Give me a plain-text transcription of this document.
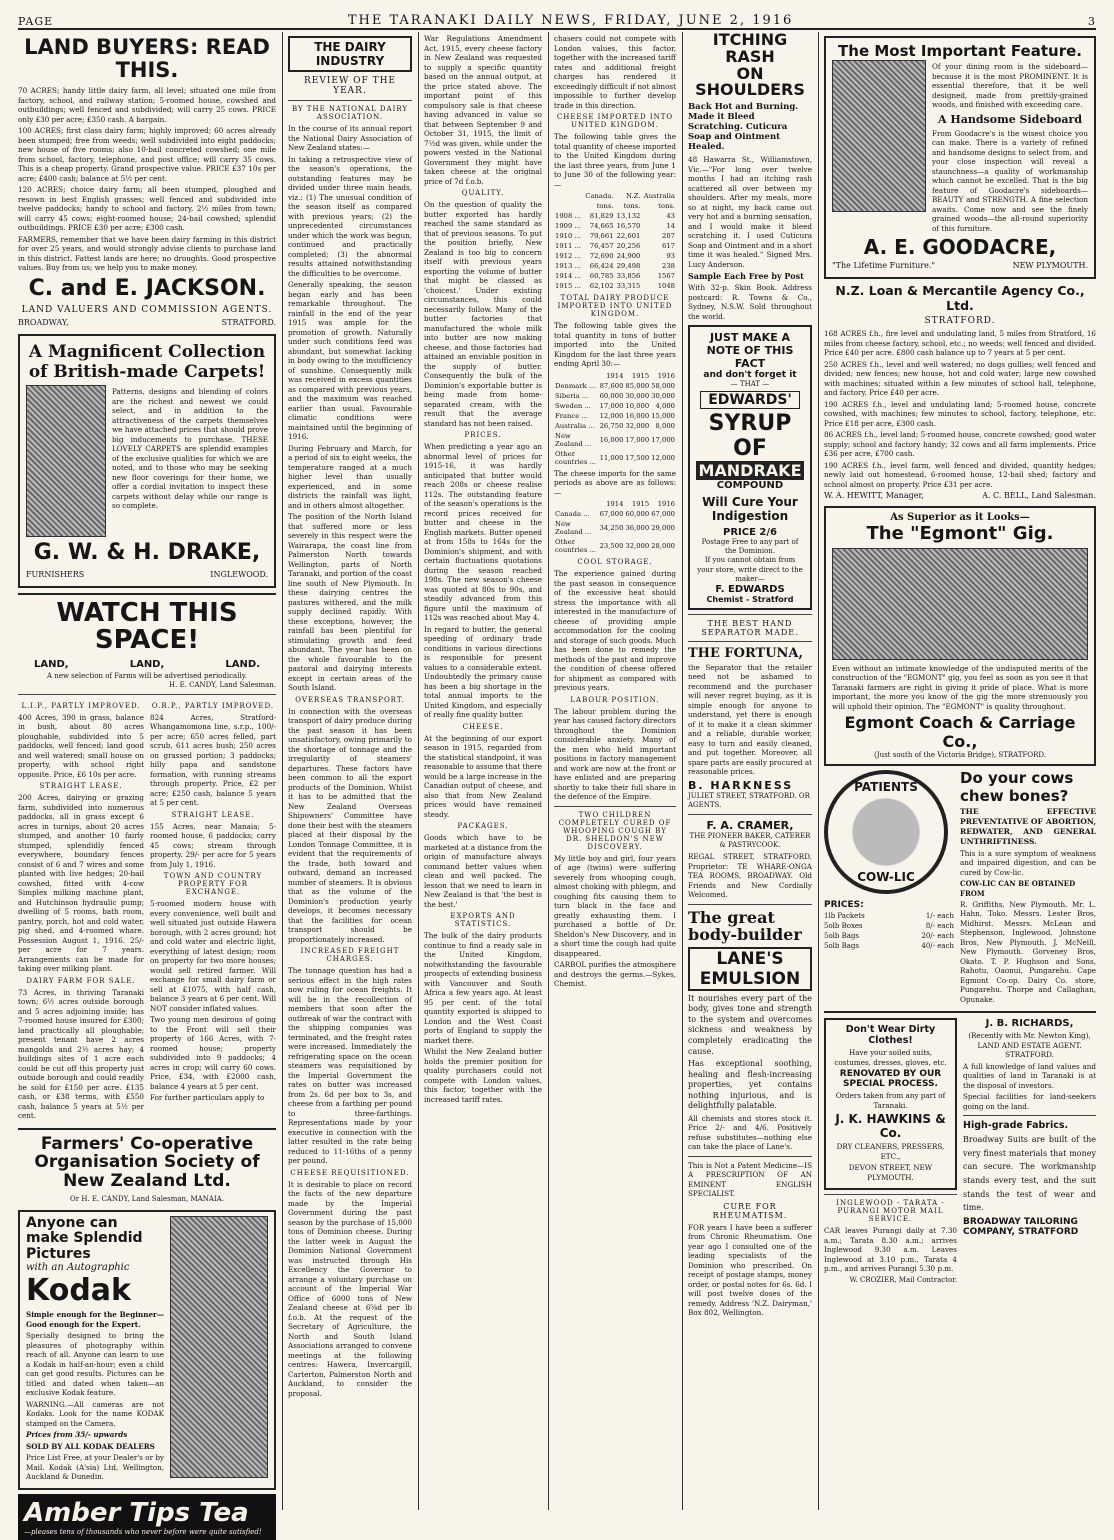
PAGE	THE TARANAKI DAILY NEWS, FRIDAY, JUNE 2, 1916	3
LAND BUYERS: READ THIS.

70 ACRES; handy little dairy farm, all level; situated one mile from factory, school, and railway station; 5-roomed house, cowshed and outbuildings; well fenced and subdivided; will carry 25 cows. PRICE only £30 per acre; £350 cash. A bargain.

100 ACRES; first class dairy farm; highly improved; 60 acres already been stumped; free from weeds; well subdivided into eight paddocks; new house of five rooms; also 10-bail concreted cowshed; one mile from school, factory, telephone, and post office; will carry 35 cows. This is a cheap property. Grand prospective value. PRICE £37 10s per acre; £400 cash; balance at 5½ per cent.

120 ACRES; choice dairy farm; all been stumped, ploughed and resown in best English grasses; well fenced and subdivided into twelve paddocks; handy to school and factory, 2½ miles from town; will carry 45 cows; eight-roomed house; 24-bail cowshed; splendid outbuildings. PRICE £30 per acre; £300 cash.

FARMERS, remember that we have been dairy farming in this district for over 25 years, and would strongly advise clients to purchase land in this district. Fattest lands are here; no droughts. Good prospective values. Buy from us; we help you to make money.

C. and E. JACKSON.
LAND VALUERS AND COMMISSION AGENTS.
BROADWAY,	STRATFORD.
A Magnificent Collection of British-made Carpets!

Patterns, designs and blending of colors are the richest and newest we could select, and in addition to the attractiveness of the carpets themselves we have attached prices that should prove big inducements to purchase. THESE LOVELY CARPETS are splendid examples of the exclusive qualities for which we are noted, and to those who may be seeking new floor coverings for their home, we offer a cordial invitation to inspect these carpets without delay while our range is so complete.

G. W. & H. DRAKE,
FURNISHERS	INGLEWOOD.
WATCH THIS SPACE!
LAND,	LAND,	LAND.
A new selection of Farms will be advertised periodically.
H. E. CANDY, Land Salesman.
L.I.P., PARTLY IMPROVED.

400 Acres, 390 in grass, balance in bush, about 80 acres ploughable, subdivided into 5 paddocks, well fenced; land good and well watered; small house on property, with school right opposite. Price, £6 10s per acre.

STRAIGHT LEASE.

200 Acres, dairying or grazing farm, subdivided into numerous paddocks, all in grass except 6 acres in turnips, about 20 acres stumped, and another 10 fairly stumped, splendidly fenced everywhere, boundary fences consist of 6 and 7 wires and some planted with live hedges; 20-bail cowshed, fitted with 4-cow Simplex milking machine plant, and Hutchinson hydraulic pump; dwelling of 5 rooms, bath room, pantry, porch, hot and cold water, pig shed, and 4-roomed whare. Possession August 1, 1916. 25/- per acre for 7 years. Arrangements can be made for taking over milking plant.

DAIRY FARM FOR SALE.

73 Acres, in thriving Taranaki town; 6½ acres outside borough and 5 acres adjoining inside; has 7-roomed house insured for £300; land practically all ploughable; present tenant have 2 acres mangolds and 2½ acres hay; 4 buildings sites of 1 acre each could be cut off this property just outside borough and could readily be sold for £150 per acre. £135 cash, or £38 terms, with £550 cash, balance 5 years at 5½ per cent.

O.R.P., PARTLY IMPROVED.

824 Acres, Stratford-Whangamomona line, s.r.p., 100/- per acre; 650 acres felled, part scrub, 611 acres bush; 250 acres on grassed portion; 3 paddocks; hilly papa and sandstone formation, with running streams through property. Price, £2 per acre; £250 cash, balance 5 years at 5 per cent.

STRAIGHT LEASE.

155 Acres, near Manaia; 5-roomed house, 6 paddocks; carry 45 cows; stream through property. 29/- per acre for 5 years from July 1, 1916.

TOWN AND COUNTRY PROPERTY FOR EXCHANGE.

5-roomed modern house with every convenience, well built and well situated just outside Hawera borough, with 2 acres ground; hot and cold water and electric light, everything of latest design; room on property for two more houses; would sell retired farmer. Will exchange for small dairy farm or sell at £1075, with half cash, balance 3 years at 6 per cent. Will NOT consider inflated values.

Two young men desirous of going to the Front will sell their property of 166 Acres, with 7-roomed house; property subdivided into 9 paddocks; 4 acres in crop; will carry 60 cows. Price, £34, with £2000 cash, balance 4 years at 5 per cent.

For further particulars apply to

Farmers' Co-operative Organisation Society of New Zealand Ltd.
Or H. E. CANDY, Land Salesman, MANAIA.
Anyone can make Splendid Pictures
with an Autographic
Kodak

Simple enough for the Beginner—Good enough for the Expert.

Specially designed to bring the pleasures of photography within reach of all. Anyone can learn to use a Kodak in half-an-hour; even a child can get good results. Pictures can be titled and dated when taken—an exclusive Kodak feature.

WARNING.—All cameras are not Kodaks. Look for the name KODAK stamped on the Camera.

Prices from 35/- upwards

SOLD BY ALL KODAK DEALERS

Price List Free, at your Dealer's or by Mail. Kodak (A'sia) Ltd, Wellington, Auckland & Dunedin.

Amber Tips Tea
—pleases tens of thousands who never before were quite satisfied!
THE DAIRY INDUSTRY
REVIEW OF THE YEAR.
BY THE NATIONAL DAIRY ASSOCIATION.

In the course of its annual report the National Dairy Association of New Zealand states:—

In taking a retrospective view of the season's operations, the outstanding features may be divided under three main heads, viz.: (1) The unusual condition of the season itself as compared with previous years; (2) the unprecedented circumstances under which the work was begun, continued and practically completed; (3) the abnormal results attained notwithstanding the difficulties to be overcome.

Generally speaking, the season began early and has been remarkable throughout. The rainfall in the end of the year 1915 was ample for the promotion of growth. Naturally under such conditions feed was abundant, but somewhat lacking in body owing to the insufficiency of sunshine. Consequently milk was received in excess quantities as compared with previous years, and the maximum was reached earlier than usual. Favourable climatic conditions were maintained until the beginning of 1916.

During February and March, for a period of six to eight weeks, the temperature ranged at a much higher level than usually experienced, and in some districts the rainfall was light, and in others almost altogether.

The position of the North Island that suffered more or less severely in this respect were the Wairarapa, the coast line from Palmerston North towards Wellington, parts of North Taranaki, and portion of the coast line south of New Plymouth. In these dairying centres the pastures withered, and the milk supply declined rapidly. With these exceptions, however, the rainfall has been plentiful for stimulating growth and feed abundant. The year has been on the whole favourable to the pastoral and dairying interests except in certain areas of the South Island.

OVERSEAS TRANSPORT.

In connection with the overseas transport of dairy produce during the past season it has been unsatisfactory, owing primarily to the shortage of tonnage and the irregularity of steamers' departures. These factors have been common to all the export products of the Dominion. Whilst it has to be admitted that the New Zealand Overseas Shipowners' Committee have done their best with the steamers placed at their disposal by the London Tonnage Committee, it is evident that the requirements of the trade, both toward and outward, demand an increased number of steamers. It is obvious that as the volume of the Dominion's production yearly develops, it becomes necessary that the facilities for ocean transport should be proportionately increased.

INCREASED FREIGHT CHARGES.

The tonnage question has had a serious effect in the high rates now ruling for ocean freights. It will be in the recollection of members that soon after the outbreak of war the contract with the shipping companies was terminated, and the freight rates were increased. Immediately the refrigerating space on the ocean steamers was requisitioned by the Imperial Government the rates on butter was increased from 2s. 6d per box to 3s, and cheese from a farthing per pound to three-farthings. Representations made by your executive in connection with the latter resulted in the rate being reduced to 11-16ths of a penny per pound.

CHEESE REQUISITIONED.

It is desirable to place on record the facts of the new departure made by the Imperial Government during the past season by the purchase of 15,000 tons of Dominion cheese. During the latter week in August the Dominion National Government was instructed through His Excellency the Governor to arrange a voluntary purchase on account of the Imperial War Office of 6000 tons of New Zealand cheese at 6⅝d per lb f.o.b. At the request of the Secretary of Agriculture, the North and South Island Associations arranged to convene meetings at the following centres: Hawera, Invercargill, Carterton, Palmerston North and Auckland, to consider the proposal.

War Regulations Amendment Act, 1915, every cheese factory in New Zealand was requested to supply a specific quantity based on the annual output, at the price stated above. The important point of this compulsory sale is that cheese having advanced in value so that between September 9 and October 31, 1915, the limit of 7½d was given, while under the powers vested in the National Government they might have taken cheese at the original price of 7d f.o.b.

QUALITY.

On the question of quality the butter exported has hardly reached the same standard as that of previous seasons. To put the position briefly, New Zealand is too big to concern itself with previous years exporting the volume of butter that might be classed as 'choicest.' Under existing circumstances, this could necessarily follow. Many of the butter factories that manufactured the whole milk into butter are now making cheese, and those factories had attained an enviable position in the supply of butter. Consequently the bulk of the Dominion's exportable butter is being made from home-separated cream, with the result that the average standard has not been raised.

PRICES.

When predicting a year ago an abnormal level of prices for 1915-16, it was hardly anticipated that butter would reach 208s or cheese realise 112s. The outstanding feature of the season's operations is the record prices received for butter and cheese in the English markets. Butter opened at from 158s to 164s for the Dominion's shipment, and with certain fluctuations quotations during the season reached 198s. The new season's cheese was quoted at 80s to 90s, and steadily advanced from this figure until the maximum of 112s was reached about May 4.

In regard to butter, the general speeding of ordinary trade conditions in various directions is responsible for present values to a considerable extent. Undoubtedly the primary cause has been a big shortage in the total annual imports to the United Kingdom, and especially of really fine quality butter.

CHEESE.

At the beginning of our export season in 1915, regarded from the statistical standpoint, it was reasonable to assume that there would be a large increase in the Canadian output of cheese, and also that from New Zealand prices would have remained steady.

PACKAGES.

Goods which have to be marketed at a distance from the origin of manufacture always command better values when clean and well packed. The lesson that we need to learn in New Zealand is that 'the best is the best.'

EXPORTS AND STATISTICS.

The bulk of the dairy products continue to find a ready sale in the United Kingdom, notwithstanding the favourable prospects of extending business with Vancouver and South Africa a few years ago. At least 95 per cent. of the total quantity exported is shipped to London and the West Coast ports of England to supply the market there.

Whilst the New Zealand butter holds the premier position for quality purchasers could not compete with London values, this factor, together with the increased tariff rates.

chasers could not compete with London values, this factor, together with the increased tariff rates and additional freight charges has rendered it exceedingly difficult if not almost impossible to further develop trade in this direction.

CHEESE IMPORTED INTO UNITED KINGDOM.

The following table gives the total quantity of cheese imported to the United Kingdom during the last three years, from June 1 to June 30 of the following year:—

	Canada.	N.Z.	Australia
	tons.	tons.	tons.
1908 ...	81,829	13,132	43
1909 ...	74,665	16,570	14
1910 ...	79,661	22,601	207
1911 ...	76,457	20,256	617
1912 ...	72,690	24,900	93
1913 ...	66,424	29,498	238
1914 ...	60,785	33,856	1567
1915 ...	62,102	33,315	1048
TOTAL DAIRY PRODUCE IMPORTED INTO UNITED KINGDOM.

The following table gives the total quantity in tons of butter imported into the United Kingdom for the last three years ending April 30:—

	1914	1915	1916
Denmark ...	87,600	85,000	58,000
Siberia ...	60,000	30,000	30,000
Sweden ...	17,000	10,000	4,000
France ...	12,000	16,000	15,000
Australia ...	26,750	32,000	8,000
New Zealand ...	16,000	17,000	17,000
Other countries ...	11,000	17,500	12,000

The cheese imports for the same periods as above are as follows:—

	1914	1915	1916
Canada ...	67,000	60,000	67,000
New Zealand ...	34,250	36,000	29,000
Other countries ...	23,500	32,000	28,000
COOL STORAGE.

The experience gained during the past season in consequence of the excessive heat should stress the importance with all interested in the manufacture of cheese of providing ample accommodation for the cooling and storage of such goods. Much has been done to remedy the methods of the past and improve the condition of cheese offered for shipment as compared with previous years.

LABOUR POSITION.

The labour problem during the year has caused factory directors throughout the Dominion considerable anxiety. Many of the men who held important positions in factory management and work are now at the front or have enlisted and are preparing shortly to take their full share in the defence of the Empire.

TWO CHILDREN COMPLETELY CURED OF WHOOPING COUGH BY DR. SHELDON'S NEW DISCOVERY.

My little boy and girl, four years of age (twins) were suffering severely from whooping cough, almost choking with phlegm, and coughing fits causing them to turn black in the face and greatly exhausting them. I purchased a bottle of Dr. Sheldon's New Discovery, and in a short time the cough had quite disappeared.

CARBOL purifies the atmosphere and destroys the germs.—Sykes, Chemist.

ITCHING RASH
ON SHOULDERS
Back Hot and Burning. Made it Bleed Scratching. Cuticura Soap and Ointment Healed.

48 Hawarra St., Williamstown, Vic.—"For long over twelve months I had an itching rash scattered all over between my shoulders. After my meals, more so at night, my back came out very hot and a burning sensation, and I would make it bleed scratching it. I used Cuticura Soap and Ointment and in a short time it was healed." Signed Mrs. Lucy Anderson.

Sample Each Free by Post

With 32-p. Skin Book. Address postcard: R. Towns & Co., Sydney, N.S.W. Sold throughout the world.

JUST MAKE A NOTE OF THIS FACT
and don't forget it
— THAT —
EDWARDS'
SYRUP OF
MANDRAKE
COMPOUND
Will Cure Your Indigestion
PRICE 2/6
Postage Free to any part of the Dominion.
If you cannot obtain from your store, write direct to the maker—
F. EDWARDS
Chemist - Stratford
THE BEST HAND SEPARATOR MADE.
THE FORTUNA,

the Separator that the retailer need not be ashamed to recommend and the purchaser will never regret buying, as it is simple enough for anyone to understand, yet there is enough of it to make it a clean skimmer and a reliable, durable worker, easy to turn and easily cleaned, and put together. Moreover, all spare parts are easily procured at reasonable prices.

B. HARKNESS
JULIET STREET, STRATFORD. OR AGENTS.
F. A. CRAMER,
THE PIONEER BAKER, CATERER & PASTRYCOOK.

REGAL STREET, STRATFORD. Proprietor: TE WHARE-ONGA TEA ROOMS, BROADWAY. Old Friends and New Cordially Welcomed.

The great body-builder
LANE'S EMULSION

It nourishes every part of the body, gives tone and strength to the system and overcomes sickness and weakness by completely eradicating the cause.

Has exceptional soothing, healing and flesh-increasing properties, yet contains nothing injurious, and is delightfully palatable.

All chemists and stores stock it. Price 2/- and 4/6. Positively refuse substitutes—nothing else can take the place of Lane's.

This is Not a Patent Medicine—IS A PRESCRIPTION OF AN EMINENT ENGLISH SPECIALIST.

CURE FOR RHEUMATISM.

FOR years I have been a sufferer from Chronic Rheumatism. One year ago I consulted one of the leading specialists of the Dominion who prescribed. On receipt of postage stamps, money order, or postal notes for 6s. 6d. I will post twelve doses of the remedy. Address 'N.Z. Dairyman,' Box 802, Wellington.

The Most Important Feature.

Of your dining room is the sideboard—because it is the most PROMINENT. It is essential therefore, that it be well designed, made from prettily-grained woods, and finished with exceeding care.

A Handsome Sideboard

From Goodacre's is the wisest choice you can make. There is a variety of refined and handsome designs to select from, and your close inspection will reveal a staunchness—a quality of workmanship which cannot be excelled. That is the big feature of Goodacre's sideboards—BEAUTY and STRENGTH. A fine selection awaits. Come now and see the finely grained woods—the all-round superiority of this furniture.

A. E. GOODACRE,
"The Lifetime Furniture."	NEW PLYMOUTH.
N.Z. Loan & Mercantile Agency Co., Ltd.
STRATFORD.

168 ACRES f.h., fire level and undulating land, 5 miles from Stratford, 16 miles from cheese factory, school, etc.; no weeds; well fenced and divided. Price £40 per acre. £800 cash balance up to 7 years at 5 per cent.

250 ACRES f.h., level and well watered; no dogs gullies; well fenced and divided; new fences; new house, hot and cold water; large new cowshed with machines; situated within a few minutes of school hall, telephone, and factory. Price £40 per acre.

190 ACRES f.h., level and undulating land; 5-roomed house, concrete cowshed, with machines; few minutes to school, factory, telephone, etc. Price £18 per acre, £300 cash.

86 ACRES f.h., level land; 5-roomed house, concrete cowshed; good water supply; school and factory handy; 32 cows and all farm implements. Price £36 per acre, £700 cash.

190 ACRES f.h., level farm, well fenced and divided, quantity hedges; newly laid out homestead, 6-roomed house, 12-bail shed; factory and school almost on property. Price £31 per acre.

W. A. HEWITT, Manager,	A. C. BELL, Land Salesman.
As Superior as it Looks—
The "Egmont" Gig.

Even without an intimate knowledge of the undisputed merits of the construction of the "EGMONT" gig, you feel as soon as you see it that Taranaki farmers are right in giving it pride of place. What is more important, the more you know of the gig the more strenuously you will uphold their opinion. The "EGMONT" is quality throughout.

Egmont Coach & Carriage Co.,
(Just south of the Victoria Bridge), STRATFORD.
PATIENTS
COW-LIC
PRICES:
1lb Packets	1/- each
5olb Boxes	8/- each
5olb Bags	20/- each
5olb Bags	40/- each
Do your cows chew bones?

THE EFFECTIVE PREVENTATIVE OF ABORTION, REDWATER, AND GENERAL UNTHRIFTINESS.

This is a sure symptom of weakness and impaired digestion, and can be cured by Cow-lic.

COW-LIC CAN BE OBTAINED FROM

R. Griffiths, New Plymouth. Mr. L. Hahn, Toko. Messrs. Lester Bros, Midhirst. Messrs. McLean and Stephenson, Inglewood. Johnstone Bros, New Plymouth. J. McNeill, New Plymouth. Gorveney Bros, Okato. T. P. Hughson and Sons, Rahotu, Oaonui, Pungarehu. Cape Egmont Co-op. Dairy Co. store, Pungarehu. Thorpe and Callaghan, Opunake.

Don't Wear Dirty Clothes!

Have your soiled suits, costumes, dresses, gloves, etc.

RENOVATED BY OUR SPECIAL PROCESS.

Orders taken from any part of Taranaki.

J. K. HAWKINS & Co.

DRY CLEANERS, PRESSERS, ETC.,

DEVON STREET, NEW PLYMOUTH.

INGLEWOOD - TARATA - PURANGI MOTOR MAIL SERVICE.

CAR leaves Purangi daily at 7.30 a.m.; Tarata 8.30 a.m.; arrives Inglewood 9.30 a.m. Leaves Inglewood at 3.10 p.m., Tarata 4 p.m., and arrives Purangi 5.30 p.m.

W. CROZIER, Mail Contractor.
J. B. RICHARDS,

(Recently with Mr. Newton King), LAND AND ESTATE AGENT. STRATFORD.

A full knowledge of land values and qualities of land in Taranaki is at the disposal of investors.

Special facilities for land-seekers going on the land.

High-grade Fabrics.

Broadway Suits are built of the very finest materials that money can secure. The workmanship stands every test, and the suit stands the test of wear and time.

BROADWAY TAILORING COMPANY, STRATFORD
